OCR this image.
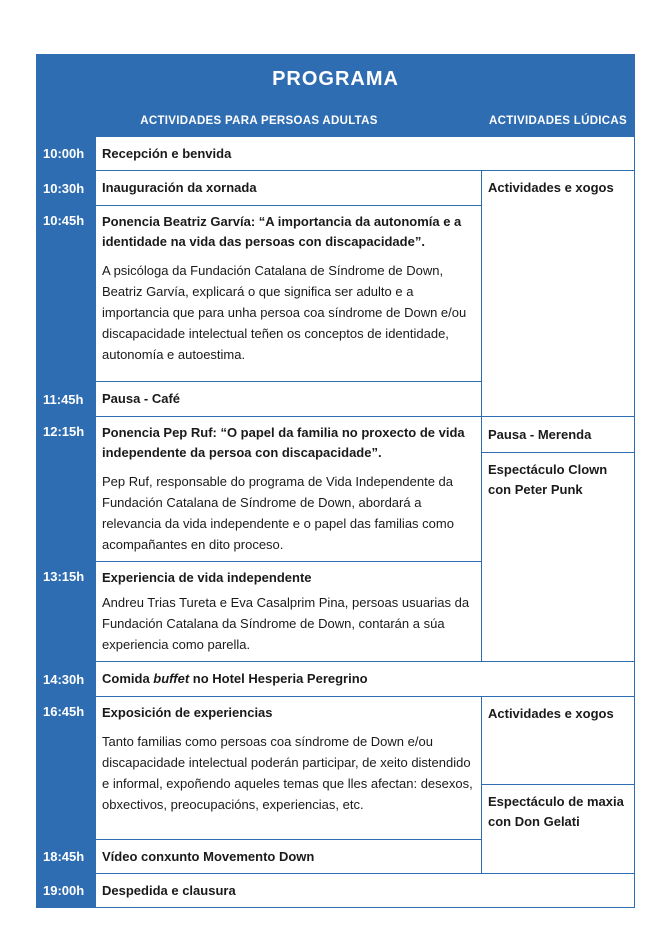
PROGRAMA		
ACTIVIDADES PARA PERSOAS ADULTAS		ACTIVIDADES LÚDICAS
10:00h	Recepción e benvida	
10:30h	Inauguración da xornada	Actividades e xogos
10:45h	Ponencia Beatriz Garvía: “A importancia da autonomía e a identidade na vida das persoas con discapacidade”.
A psicóloga da Fundación Catalana de Síndrome de Down, Beatriz Garvía, explicará o que significa ser adulto e a importancia que para unha persoa coa síndrome de Down e/ou discapacidade intelectual teñen os conceptos de identidade, autonomía e autoestima.	

11:45h	Pausa - Café	
12:15h	Ponencia Pep Ruf: “O papel da familia no proxecto de vida independente da persoa con discapacidade”.
Pep Ruf, responsable do programa de Vida Independente da Fundación Catalana de Síndrome de Down, abordará a relevancia da vida independente e o papel das familias como acompañantes en dito proceso.	Pausa - Merenda
		Espectáculo Clown con Peter Punk
13:15h	Experiencia de vida independente
Andreu Trias Tureta e Eva Casalprim Pina, persoas usuarias da Fundación Catalana da Síndrome de Down, contarán a súa experiencia como parella.	

14:30h	Comida buffet no Hotel Hesperia Peregrino	
16:45h	Exposición de experiencias
Tanto familias como persoas coa síndrome de Down e/ou discapacidade intelectual poderán participar, de xeito distendido e informal, expoñendo aqueles temas que lles afectan: desexos, obxectivos, preocupacións, experiencias, etc.	Actividades e xogos
		Espectáculo de maxia con Don Gelati
18:45h	Vídeo conxunto Movemento Down	
19:00h	Despedida e clausura	
